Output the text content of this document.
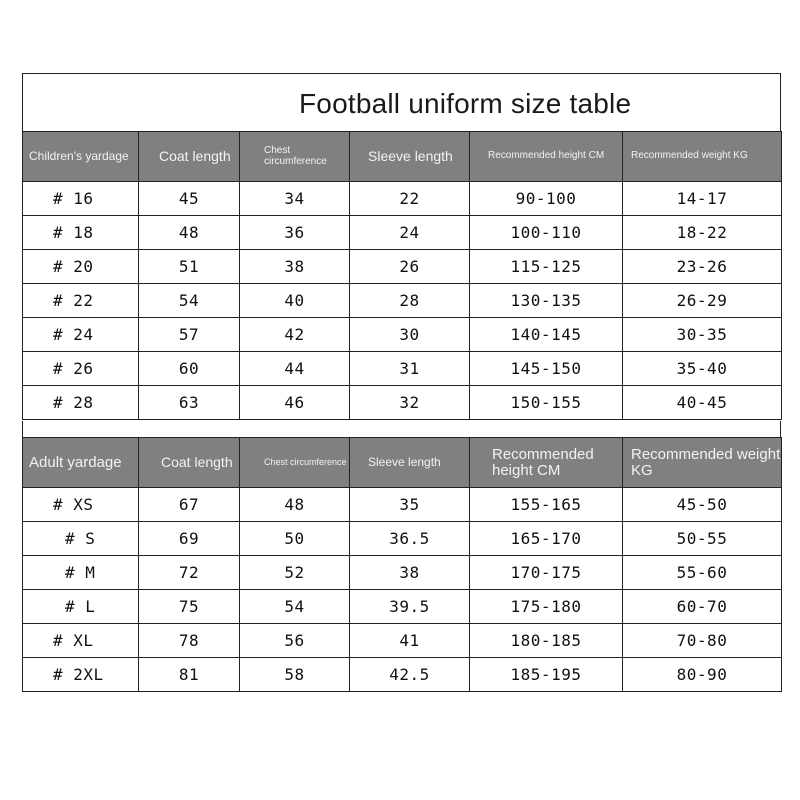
Football uniform size table
Children's yardage	Coat length	Chest circumference	Sleeve length	Recommended height CM	Recommended weight KG
# 16	45	34	22	90-100	14-17
# 18	48	36	24	100-110	18-22
# 20	51	38	26	115-125	23-26
# 22	54	40	28	130-135	26-29
# 24	57	42	30	140-145	30-35
# 26	60	44	31	145-150	35-40
# 28	63	46	32	150-155	40-45
Adult yardage	Coat length	Chest circumference	Sleeve length	Recommended height CM	Recommended weight KG
# XS	67	48	35	155-165	45-50
# S	69	50	36.5	165-170	50-55
# M	72	52	38	170-175	55-60
# L	75	54	39.5	175-180	60-70
# XL	78	56	41	180-185	70-80
# 2XL	81	58	42.5	185-195	80-90
